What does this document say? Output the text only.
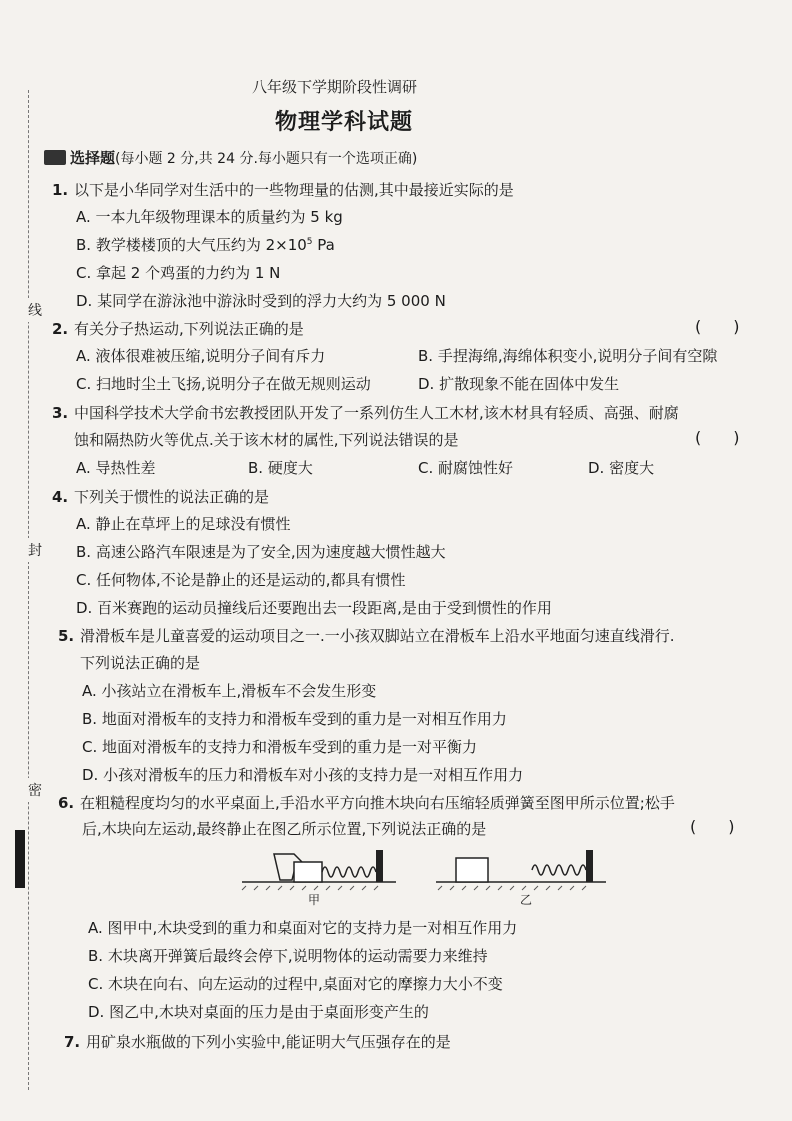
线
封
密
八年级下学期阶段性调研
物理学科试题
选择题(每小题 2 分,共 24 分.每小题只有一个选项正确)
1. 以下是小华同学对生活中的一些物理量的估测,其中最接近实际的是
A. 一本九年级物理课本的质量约为 5 kg
B. 教学楼楼顶的大气压约为 $2\times 10^5$ Pa
C. 拿起 2 个鸡蛋的力约为 1 N
D. 某同学在游泳池中游泳时受到的浮力大约为 5 000 N
2. 有关分子热运动,下列说法正确的是	(　　)
A. 液体很难被压缩,说明分子间有斥力	B. 手捏海绵,海绵体积变小,说明分子间有空隙
C. 扫地时尘土飞扬,说明分子在做无规则运动	D. 扩散现象不能在固体中发生
3. 中国科学技术大学俞书宏教授团队开发了一系列仿生人工木材,该木材具有轻质、高强、耐腐
蚀和隔热防火等优点.关于该木材的属性,下列说法错误的是	(　　)
A. 导热性差	B. 硬度大	C. 耐腐蚀性好	D. 密度大
4. 下列关于惯性的说法正确的是
A. 静止在草坪上的足球没有惯性
B. 高速公路汽车限速是为了安全,因为速度越大惯性越大
C. 任何物体,不论是静止的还是运动的,都具有惯性
D. 百米赛跑的运动员撞线后还要跑出去一段距离,是由于受到惯性的作用
5. 滑滑板车是儿童喜爱的运动项目之一.一小孩双脚站立在滑板车上沿水平地面匀速直线滑行.
下列说法正确的是
A. 小孩站立在滑板车上,滑板车不会发生形变
B. 地面对滑板车的支持力和滑板车受到的重力是一对相互作用力
C. 地面对滑板车的支持力和滑板车受到的重力是一对平衡力
D. 小孩对滑板车的压力和滑板车对小孩的支持力是一对相互作用力
6. 在粗糙程度均匀的水平桌面上,手沿水平方向推木块向右压缩轻质弹簧至图甲所示位置;松手
后,木块向左运动,最终静止在图乙所示位置,下列说法正确的是	(　　)
甲	乙
A. 图甲中,木块受到的重力和桌面对它的支持力是一对相互作用力
B. 木块离开弹簧后最终会停下,说明物体的运动需要力来维持
C. 木块在向右、向左运动的过程中,桌面对它的摩擦力大小不变
D. 图乙中,木块对桌面的压力是由于桌面形变产生的
7. 用矿泉水瓶做的下列小实验中,能证明大气压强存在的是
